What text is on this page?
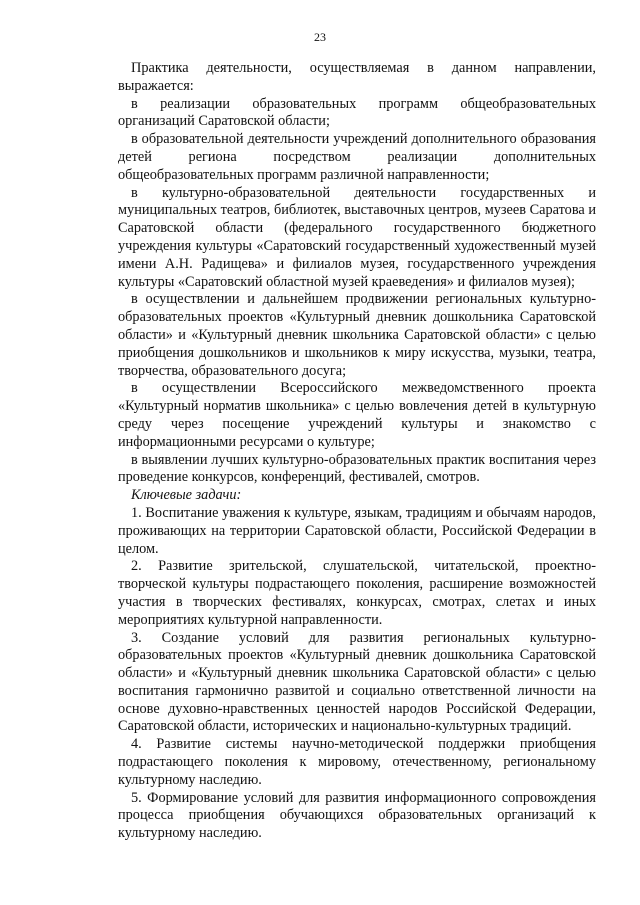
23

Практика деятельности, осуществляемая в данном направлении, выражается:

в реализации образовательных программ общеобразовательных организаций Саратовской области;

в образовательной деятельности учреждений дополнительного образования детей региона посредством реализации дополнительных общеобразовательных программ различной направленности;

в культурно-образовательной деятельности государственных и муниципальных театров, библиотек, выставочных центров, музеев Саратова и Саратовской области (федерального государственного бюджетного учреждения культуры «Саратовский государственный художественный музей имени А.Н. Радищева» и филиалов музея, государственного учреждения культуры «Саратовский областной музей краеведения» и филиалов музея);

в осуществлении и дальнейшем продвижении региональных культурно-образовательных проектов «Культурный дневник дошкольника Саратовской области» и «Культурный дневник школьника Саратовской области» с целью приобщения дошкольников и школьников к миру искусства, музыки, театра, творчества, образовательного досуга;

в осуществлении Всероссийского межведомственного проекта «Культурный норматив школьника» с целью вовлечения детей в культурную среду через посещение учреждений культуры и знакомство с информационными ресурсами о культуре;

в выявлении лучших культурно-образовательных практик воспитания через проведение конкурсов, конференций, фестивалей, смотров.

Ключевые задачи:

1. Воспитание уважения к культуре, языкам, традициям и обычаям народов, проживающих на территории Саратовской области, Российской Федерации в целом.

2. Развитие зрительской, слушательской, читательской, проектно-творческой культуры подрастающего поколения, расширение возможностей участия в творческих фестивалях, конкурсах, смотрах, слетах и иных мероприятиях культурной направленности.

3. Создание условий для развития региональных культурно-образовательных проектов «Культурный дневник дошкольника Саратовской области» и «Культурный дневник школьника Саратовской области» с целью воспитания гармонично развитой и социально ответственной личности на основе духовно-нравственных ценностей народов Российской Федерации, Саратовской области, исторических и национально-культурных традиций.

4. Развитие системы научно-методической поддержки приобщения подрастающего поколения к мировому, отечественному, региональному культурному наследию.

5. Формирование условий для развития информационного сопровождения процесса приобщения обучающихся образовательных организаций к культурному наследию.
